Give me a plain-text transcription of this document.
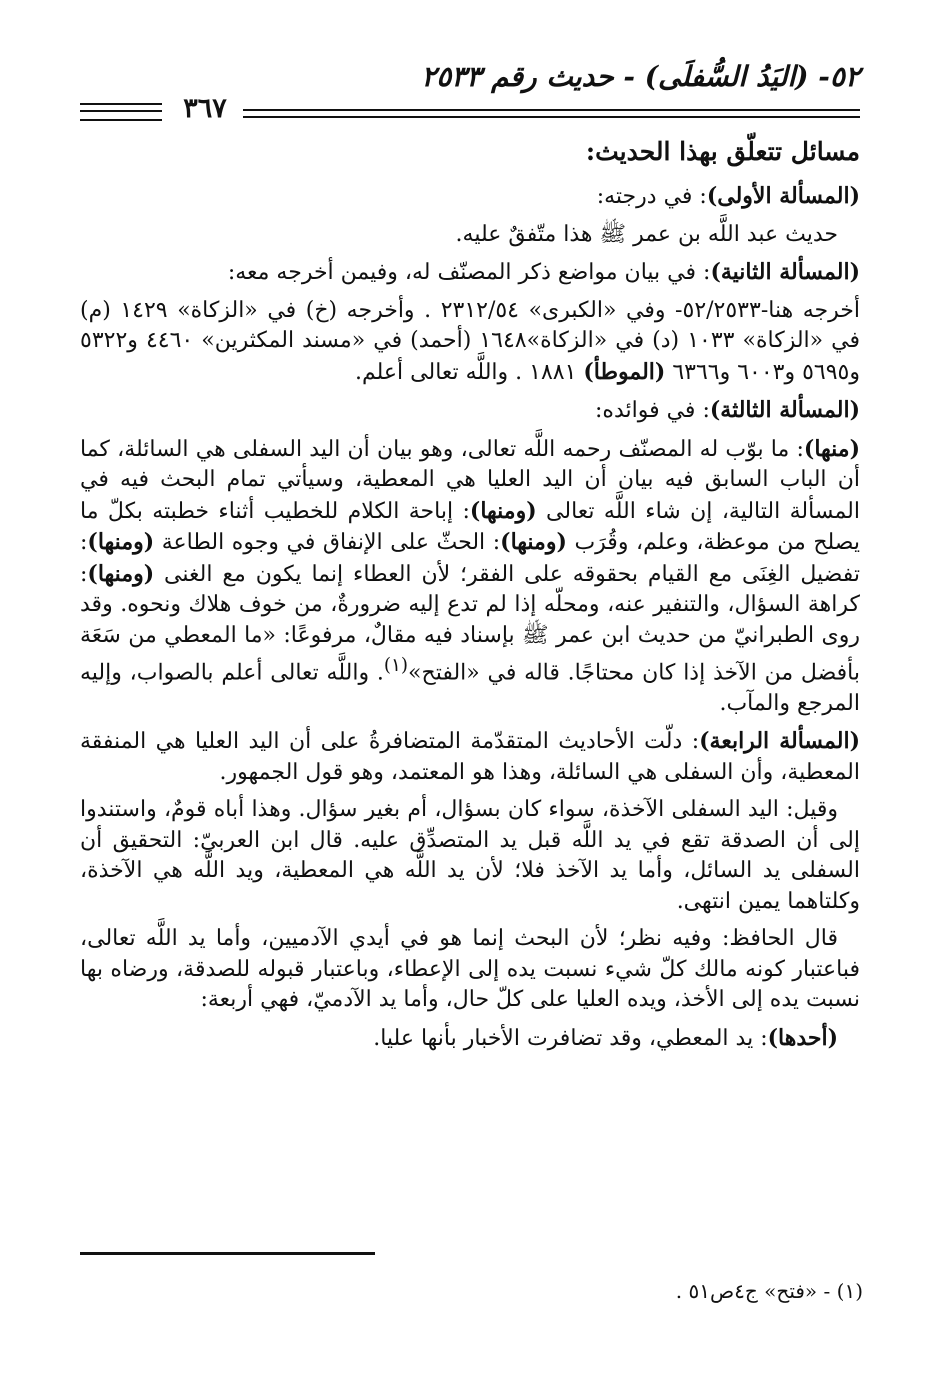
٥٢- (اليَدُ السُّفلَى) - حديث رقم ٢٥٣٣
٣٦٧
مسائل تتعلّق بهذا الحديث:
(المسألة الأولى): في درجته:
حديث عبد اللَّه بن عمر ﷺ هذا متّفقٌ عليه.
(المسألة الثانية): في بيان مواضع ذكر المصنّف له، وفيمن أخرجه معه:
أخرجه هنا-٥٢/٢٥٣٣- وفي «الكبرى» ٢٣١٢/٥٤ . وأخرجه (خ) في «الزكاة» ١٤٢٩ (م) في «الزكاة» ١٠٣٣ (د) في «الزكاة»١٦٤٨ (أحمد) في «مسند المكثرين» ٤٤٦٠ و٥٣٢٢ و٥٦٩٥ و٦٠٠٣ و٦٣٦٦ (الموطأ) ١٨٨١ . واللَّه تعالى أعلم.
(المسألة الثالثة): في فوائده:
(منها): ما بوّب له المصنّف رحمه اللَّه تعالى، وهو بيان أن اليد السفلى هي السائلة، كما أن الباب السابق فيه بيان أن اليد العليا هي المعطية، وسيأتي تمام البحث فيه في المسألة التالية، إن شاء اللَّه تعالى (ومنها): إباحة الكلام للخطيب أثناء خطبته بكلّ ما يصلح من موعظة، وعلم، وقُرَب (ومنها): الحثّ على الإنفاق في وجوه الطاعة (ومنها): تفضيل الغِنَى مع القيام بحقوقه على الفقر؛ لأن العطاء إنما يكون مع الغنى (ومنها): كراهة السؤال، والتنفير عنه، ومحلّه إذا لم تدع إليه ضرورةٌ، من خوف هلاك ونحوه. وقد روى الطبرانيّ من حديث ابن عمر ﷺ بإسناد فيه مقالٌ، مرفوعًا: «ما المعطي من سَعَة بأفضل من الآخذ إذا كان محتاجًا. قاله في «الفتح»$^{(١)}$. واللَّه تعالى أعلم بالصواب، وإليه المرجع والمآب.
(المسألة الرابعة): دلّت الأحاديث المتقدّمة المتضافرةُ على أن اليد العليا هي المنفقة المعطية، وأن السفلى هي السائلة، وهذا هو المعتمد، وهو قول الجمهور.
وقيل: اليد السفلى الآخذة، سواء كان بسؤال، أم بغير سؤال. وهذا أباه قومٌ، واستندوا إلى أن الصدقة تقع في يد اللَّه قبل يد المتصدِّق عليه. قال ابن العربيّ: التحقيق أن السفلى يد السائل، وأما يد الآخذ فلا؛ لأن يد اللَّه هي المعطية، ويد اللَّه هي الآخذة، وكلتاهما يمين انتهى.
قال الحافظ: وفيه نظر؛ لأن البحث إنما هو في أيدي الآدميين، وأما يد اللَّه تعالى، فباعتبار كونه مالك كلّ شيء نسبت يده إلى الإعطاء، وباعتبار قبوله للصدقة، ورضاه بها نسبت يده إلى الأخذ، ويده العليا على كلّ حال، وأما يد الآدميّ، فهي أربعة:
(أحدها): يد المعطي، وقد تضافرت الأخبار بأنها عليا.
(١) - «فتح» ج٤ص٥١ .
